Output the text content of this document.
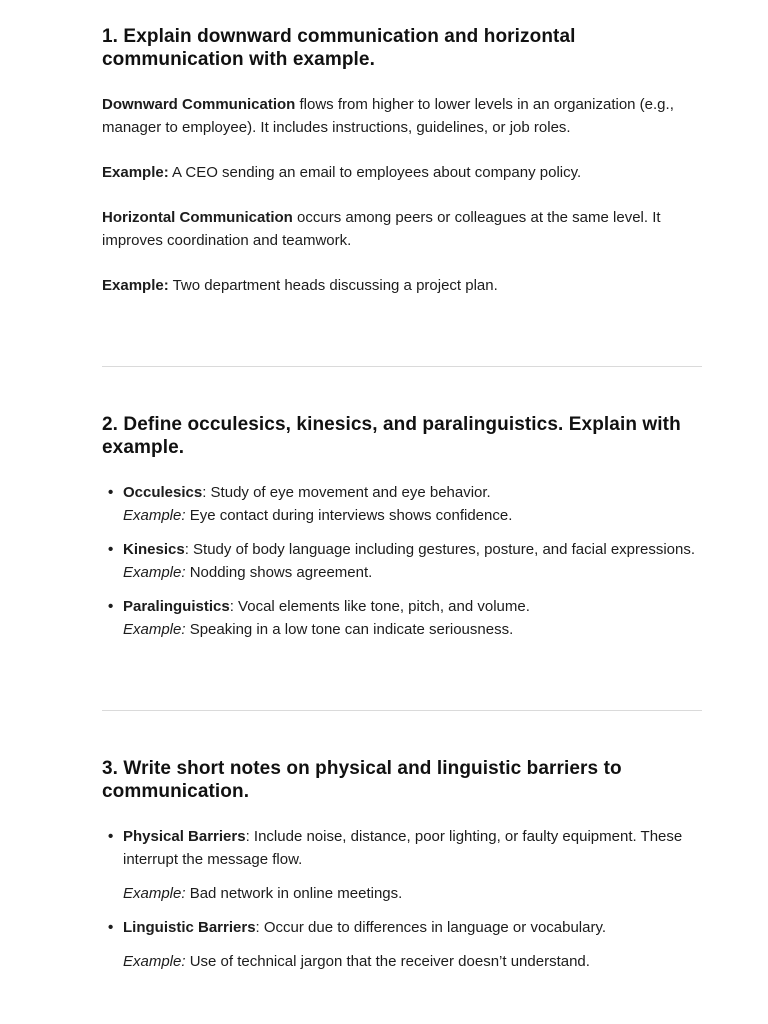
1. Explain downward communication and horizontal communication with example.

Downward Communication flows from higher to lower levels in an organization (e.g., manager to employee). It includes instructions, guidelines, or job roles.

Example: A CEO sending an email to employees about company policy.

Horizontal Communication occurs among peers or colleagues at the same level. It improves coordination and teamwork.

Example: Two department heads discussing a project plan.

2. Define occulesics, kinesics, and paralinguistics. Explain with example.
• Occulesics: Study of eye movement and eye behavior.
Example: Eye contact during interviews shows confidence.
• Kinesics: Study of body language including gestures, posture, and facial expressions.
Example: Nodding shows agreement.
• Paralinguistics: Vocal elements like tone, pitch, and volume.
Example: Speaking in a low tone can indicate seriousness.
3. Write short notes on physical and linguistic barriers to communication.
• Physical Barriers: Include noise, distance, poor lighting, or faulty equipment. These interrupt the message flow.
Example: Bad network in online meetings.
• Linguistic Barriers: Occur due to differences in language or vocabulary.
Example: Use of technical jargon that the receiver doesn’t understand.
